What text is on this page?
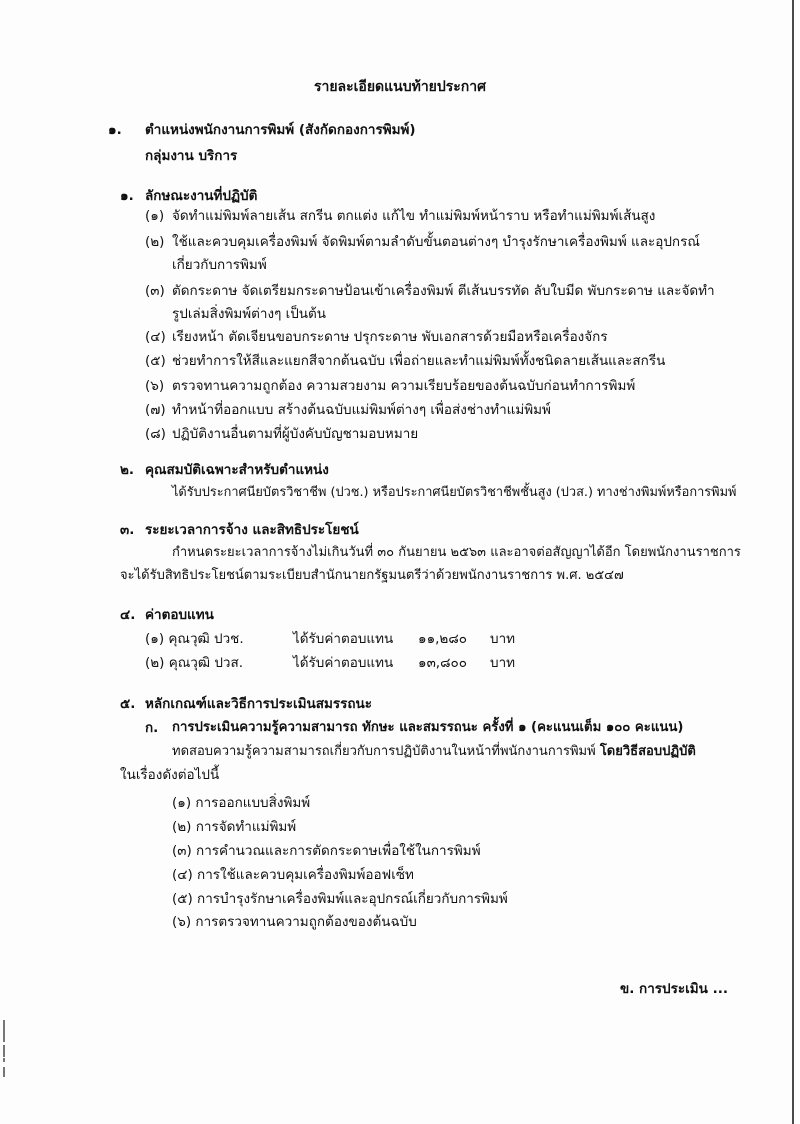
รายละเอียดแนบท้ายประกาศ
๑. ตำแหน่งพนักงานการพิมพ์ (สังกัดกองการพิมพ์)
กลุ่มงาน บริการ
๑. ลักษณะงานที่ปฏิบัติ
(๑) จัดทำแม่พิมพ์ลายเส้น สกรีน ตกแต่ง แก้ไข ทำแม่พิมพ์หน้าราบ หรือทำแม่พิมพ์เส้นสูง
(๒) ใช้และควบคุมเครื่องพิมพ์ จัดพิมพ์ตามลำดับขั้นตอนต่างๆ บำรุงรักษาเครื่องพิมพ์ และอุปกรณ์
เกี่ยวกับการพิมพ์
(๓) ตัดกระดาษ จัดเตรียมกระดาษป้อนเข้าเครื่องพิมพ์ ตีเส้นบรรทัด ลับใบมีด พับกระดาษ และจัดทำ
รูปเล่มสิ่งพิมพ์ต่างๆ เป็นต้น
(๔) เรียงหน้า ตัดเจียนขอบกระดาษ ปรุกระดาษ พับเอกสารด้วยมือหรือเครื่องจักร
(๕) ช่วยทำการให้สีและแยกสีจากต้นฉบับ เพื่อถ่ายและทำแม่พิมพ์ทั้งชนิดลายเส้นและสกรีน
(๖) ตรวจทานความถูกต้อง ความสวยงาม ความเรียบร้อยของต้นฉบับก่อนทำการพิมพ์
(๗) ทำหน้าที่ออกแบบ สร้างต้นฉบับแม่พิมพ์ต่างๆ เพื่อส่งช่างทำแม่พิมพ์
(๘) ปฏิบัติงานอื่นตามที่ผู้บังคับบัญชามอบหมาย
๒. คุณสมบัติเฉพาะสำหรับตำแหน่ง
ได้รับประกาศนียบัตรวิชาชีพ (ปวช.) หรือประกาศนียบัตรวิชาชีพชั้นสูง (ปวส.) ทางช่างพิมพ์หรือการพิมพ์
๓. ระยะเวลาการจ้าง และสิทธิประโยชน์
กำหนดระยะเวลาการจ้างไม่เกินวันที่ ๓๐ กันยายน ๒๕๖๓ และอาจต่อสัญญาได้อีก โดยพนักงานราชการ
จะได้รับสิทธิประโยชน์ตามระเบียบสำนักนายกรัฐมนตรีว่าด้วยพนักงานราชการ พ.ศ. ๒๕๔๗
๔. ค่าตอบแทน
(๑) คุณวุฒิ ปวช.	ได้รับค่าตอบแทน ๑๑,๒๘๐ บาท
(๒) คุณวุฒิ ปวส.	ได้รับค่าตอบแทน ๑๓,๘๐๐ บาท
๕. หลักเกณฑ์และวิธีการประเมินสมรรถนะ
ก. การประเมินความรู้ความสามารถ ทักษะ และสมรรถนะ ครั้งที่ ๑ (คะแนนเต็ม ๑๐๐ คะแนน)
ทดสอบความรู้ความสามารถเกี่ยวกับการปฏิบัติงานในหน้าที่พนักงานการพิมพ์ โดยวิธีสอบปฏิบัติ
ในเรื่องดังต่อไปนี้
(๑) การออกแบบสิ่งพิมพ์
(๒) การจัดทำแม่พิมพ์
(๓) การคำนวณและการตัดกระดาษเพื่อใช้ในการพิมพ์
(๔) การใช้และควบคุมเครื่องพิมพ์ออฟเซ็ท
(๕) การบำรุงรักษาเครื่องพิมพ์และอุปกรณ์เกี่ยวกับการพิมพ์
(๖) การตรวจทานความถูกต้องของต้นฉบับ
ข. การประเมิน ...
